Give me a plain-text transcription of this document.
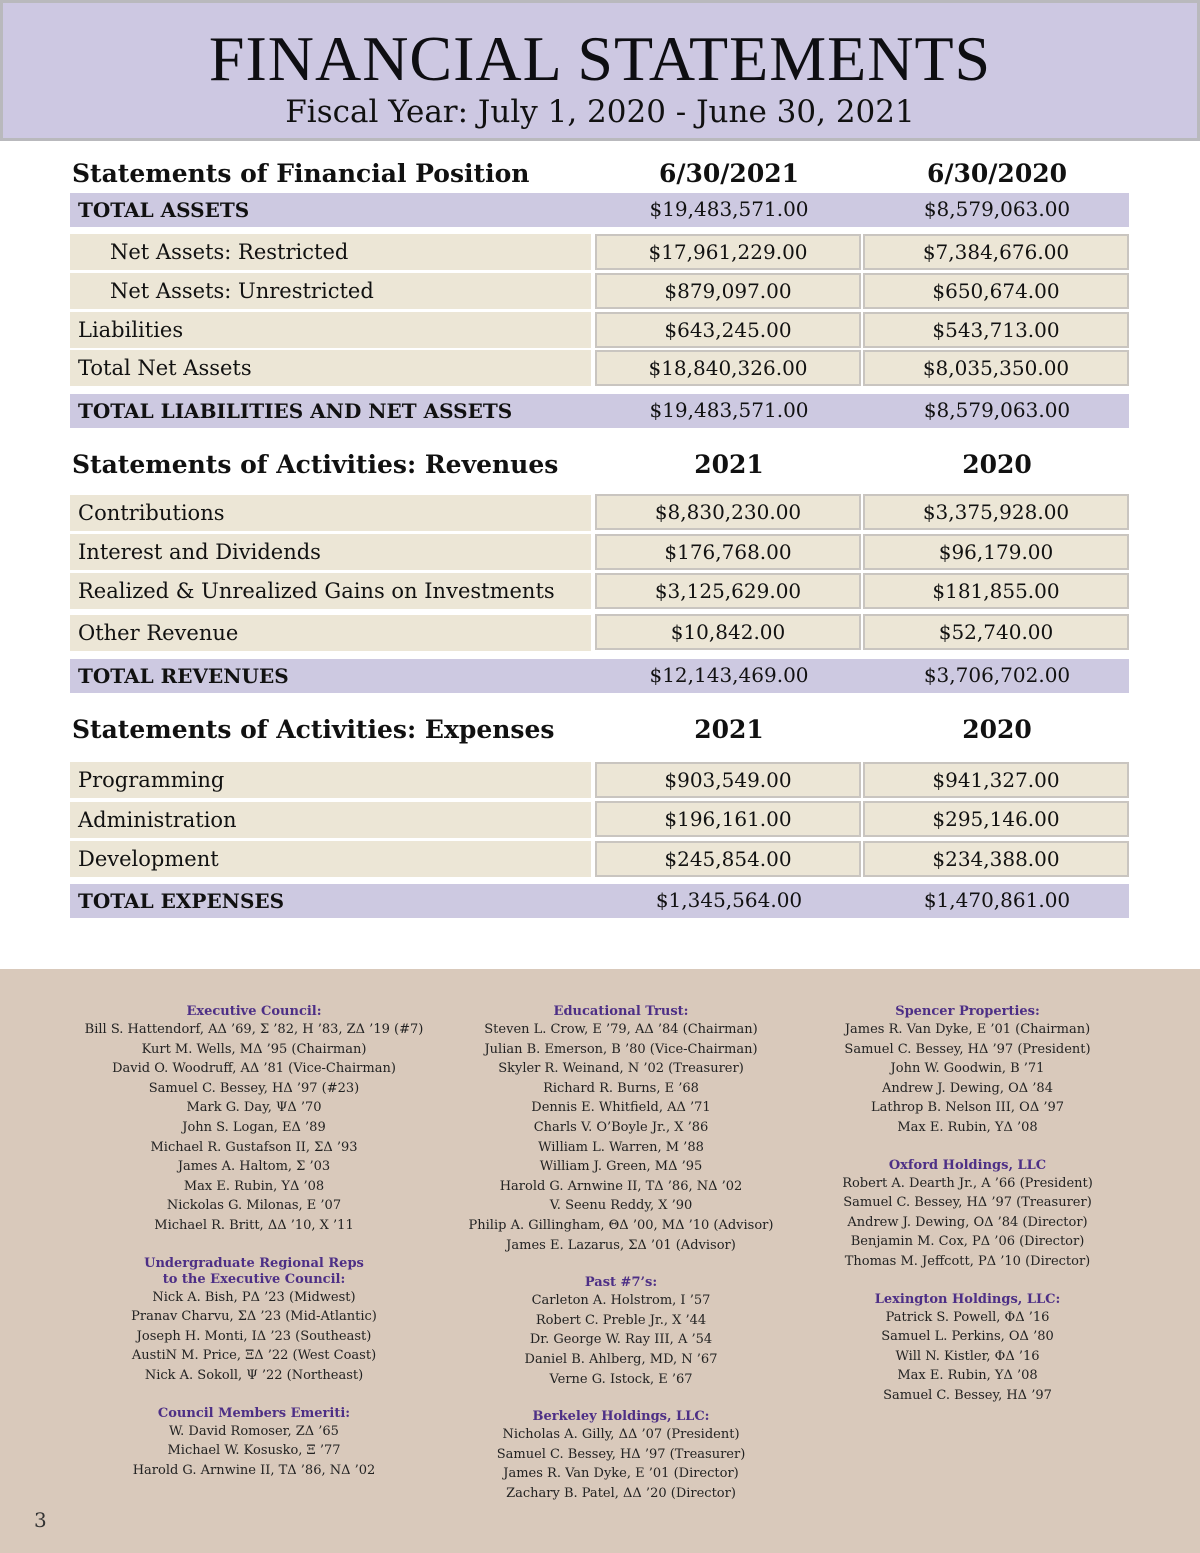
FINANCIAL STATEMENTS
Fiscal Year: July 1, 2020 - June 30, 2021
Statements of Financial Position	6/30/2021	6/30/2020
TOTAL ASSETS	$19,483,571.00	$8,579,063.00
Net Assets: Restricted	$17,961,229.00	$7,384,676.00
Net Assets: Unrestricted	$879,097.00	$650,674.00
Liabilities	$643,245.00	$543,713.00
Total Net Assets	$18,840,326.00	$8,035,350.00
TOTAL LIABILITIES AND NET ASSETS	$19,483,571.00	$8,579,063.00
Statements of Activities: Revenues	2021	2020
Contributions	$8,830,230.00	$3,375,928.00
Interest and Dividends	$176,768.00	$96,179.00
Realized & Unrealized Gains on Investments	$3,125,629.00	$181,855.00
Other Revenue	$10,842.00	$52,740.00
TOTAL REVENUES	$12,143,469.00	$3,706,702.00
Statements of Activities: Expenses	2021	2020
Programming	$903,549.00	$941,327.00
Administration	$196,161.00	$295,146.00
Development	$245,854.00	$234,388.00
TOTAL EXPENSES	$1,345,564.00	$1,470,861.00
Executive Council:
Bill S. Hattendorf, AΔ ’69, Σ ’82, H ’83, ZΔ ’19 (#7)
Kurt M. Wells, MΔ ’95 (Chairman)
David O. Woodruff, AΔ ’81 (Vice-Chairman)
Samuel C. Bessey, HΔ ’97 (#23)
Mark G. Day, ΨΔ ’70
John S. Logan, EΔ ’89
Michael R. Gustafson II, ΣΔ ’93
James A. Haltom, Σ ’03
Max E. Rubin, YΔ ’08
Nickolas G. Milonas, E ’07
Michael R. Britt, ΔΔ ’10, X ’11
Undergraduate Regional Reps
to the Executive Council:
Nick A. Bish, PΔ ’23 (Midwest)
Pranav Charvu, ΣΔ ’23 (Mid-Atlantic)
Joseph H. Monti, IΔ ’23 (Southeast)
AustiN M. Price, ΞΔ ’22 (West Coast)
Nick A. Sokoll, Ψ ’22 (Northeast)
Council Members Emeriti:
W. David Romoser, ZΔ ’65
Michael W. Kosusko, Ξ ’77
Harold G. Arnwine II, TΔ ’86, NΔ ’02
Educational Trust:
Steven L. Crow, E ’79, AΔ ’84 (Chairman)
Julian B. Emerson, B ’80 (Vice-Chairman)
Skyler R. Weinand, N ’02 (Treasurer)
Richard R. Burns, E ’68
Dennis E. Whitfield, AΔ ’71
Charls V. O’Boyle Jr., X ’86
William L. Warren, M ’88
William J. Green, MΔ ’95
Harold G. Arnwine II, TΔ ’86, NΔ ’02
V. Seenu Reddy, X ’90
Philip A. Gillingham, ΘΔ ’00, MΔ ’10 (Advisor)
James E. Lazarus, ΣΔ ’01 (Advisor)
Past #7’s:
Carleton A. Holstrom, I ’57
Robert C. Preble Jr., X ’44
Dr. George W. Ray III, A ’54
Daniel B. Ahlberg, MD, N ’67
Verne G. Istock, E ’67
Berkeley Holdings, LLC:
Nicholas A. Gilly, ΔΔ ’07 (President)
Samuel C. Bessey, HΔ ’97 (Treasurer)
James R. Van Dyke, E ’01 (Director)
Zachary B. Patel, ΔΔ ’20 (Director)
Spencer Properties:
James R. Van Dyke, E ’01 (Chairman)
Samuel C. Bessey, HΔ ’97 (President)
John W. Goodwin, B ’71
Andrew J. Dewing, OΔ ’84
Lathrop B. Nelson III, OΔ ’97
Max E. Rubin, YΔ ’08
Oxford Holdings, LLC
Robert A. Dearth Jr., A ’66 (President)
Samuel C. Bessey, HΔ ’97 (Treasurer)
Andrew J. Dewing, OΔ ’84 (Director)
Benjamin M. Cox, PΔ ’06 (Director)
Thomas M. Jeffcott, PΔ ’10 (Director)
Lexington Holdings, LLC:
Patrick S. Powell, ΦΔ ’16
Samuel L. Perkins, OΔ ’80
Will N. Kistler, ΦΔ ’16
Max E. Rubin, YΔ ’08
Samuel C. Bessey, HΔ ’97
3
